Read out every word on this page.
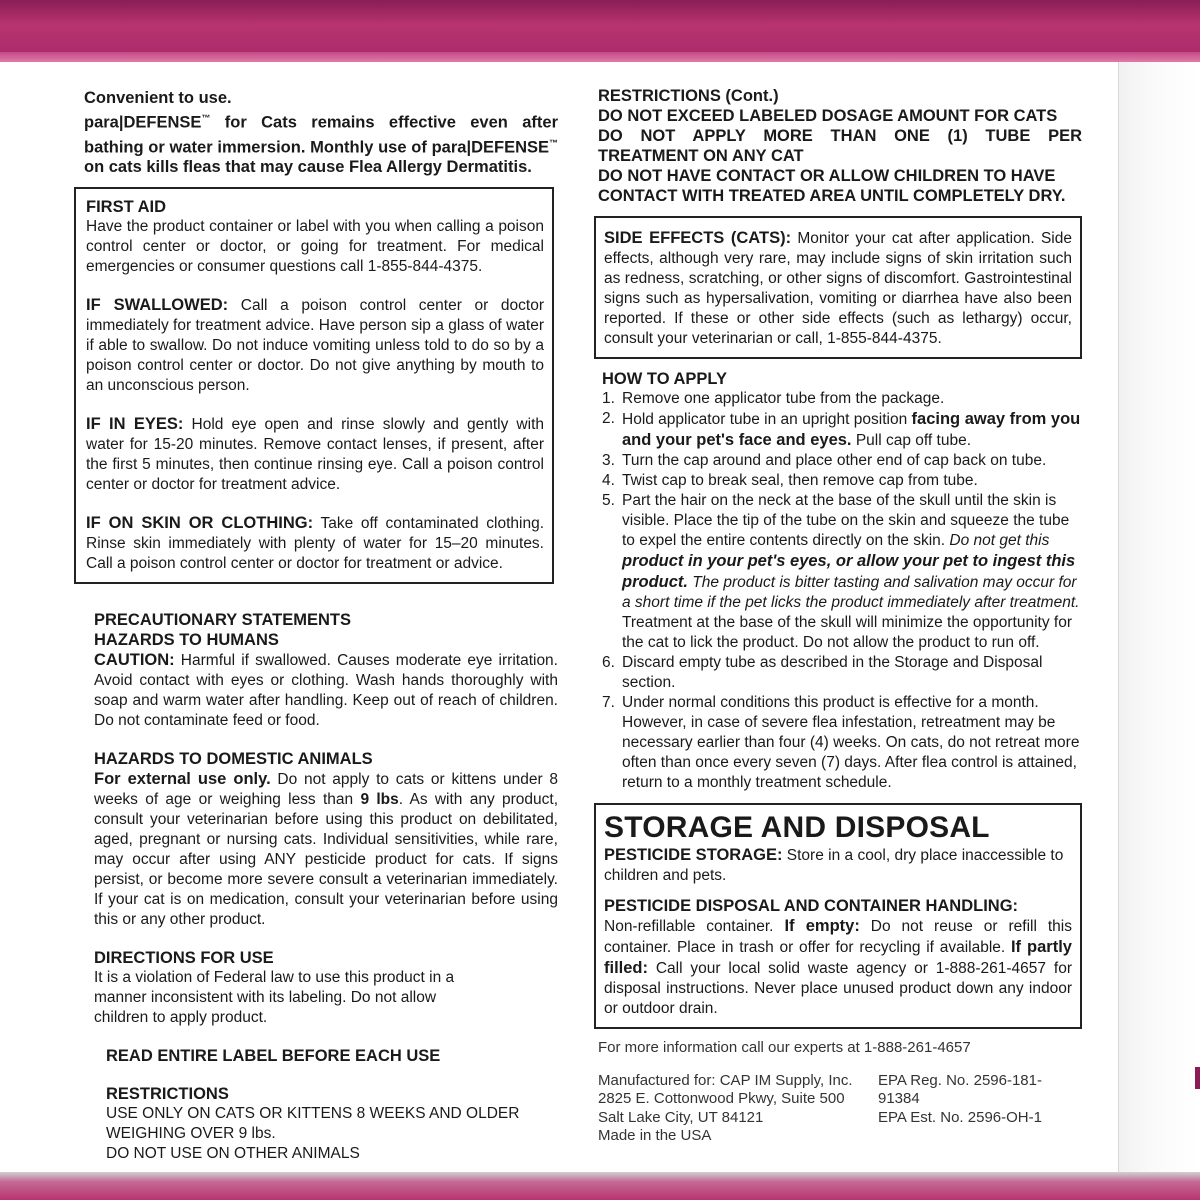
Convenient to use.

para|DEFENSE™ for Cats remains effective even after bathing or water immersion. Monthly use of para|DEFENSE™ on cats kills fleas that may cause Flea Allergy Dermatitis.

FIRST AID

Have the product container or label with you when calling a poison control center or doctor, or going for treatment. For medical emergencies or consumer questions call 1-855-844-4375.

IF SWALLOWED: Call a poison control center or doctor immediately for treatment advice. Have person sip a glass of water if able to swallow. Do not induce vomiting unless told to do so by a poison control center or doctor. Do not give anything by mouth to an unconscious person.

IF IN EYES: Hold eye open and rinse slowly and gently with water for 15-20 minutes. Remove contact lenses, if present, after the first 5 minutes, then continue rinsing eye. Call a poison control center or doctor for treatment advice.

IF ON SKIN OR CLOTHING: Take off contaminated clothing. Rinse skin immediately with plenty of water for 15–20 minutes. Call a poison control center or doctor for treatment or advice.

PRECAUTIONARY STATEMENTS

HAZARDS TO HUMANS

CAUTION: Harmful if swallowed. Causes moderate eye irritation. Avoid contact with eyes or clothing. Wash hands thoroughly with soap and warm water after handling. Keep out of reach of children. Do not contaminate feed or food.

HAZARDS TO DOMESTIC ANIMALS

For external use only. Do not apply to cats or kittens under 8 weeks of age or weighing less than 9 lbs. As with any product, consult your veterinarian before using this product on debilitated, aged, pregnant or nursing cats. Individual sensitivities, while rare, may occur after using ANY pesticide product for cats. If signs persist, or become more severe consult a veterinarian immediately. If your cat is on medication, consult your veterinarian before using this or any other product.

DIRECTIONS FOR USE

It is a violation of Federal law to use this product in a manner inconsistent with its labeling. Do not allow children to apply product.

READ ENTIRE LABEL BEFORE EACH USE

RESTRICTIONS

USE ONLY ON CATS OR KITTENS 8 WEEKS AND OLDER WEIGHING OVER 9 lbs.

DO NOT USE ON OTHER ANIMALS

RESTRICTIONS (Cont.)

DO NOT EXCEED LABELED DOSAGE AMOUNT FOR CATS

DO NOT APPLY MORE THAN ONE (1) TUBE PER TREATMENT ON ANY CAT

DO NOT HAVE CONTACT OR ALLOW CHILDREN TO HAVE CONTACT WITH TREATED AREA UNTIL COMPLETELY DRY.

SIDE EFFECTS (CATS): Monitor your cat after application. Side effects, although very rare, may include signs of skin irritation such as redness, scratching, or other signs of discomfort. Gastrointestinal signs such as hypersalivation, vomiting or diarrhea have also been reported. If these or other side effects (such as lethargy) occur, consult your veterinarian or call, 1-855-844-4375.

HOW TO APPLY

1. Remove one applicator tube from the package.
2. Hold applicator tube in an upright position facing away from you and your pet's face and eyes. Pull cap off tube.
3. Turn the cap around and place other end of cap back on tube.
4. Twist cap to break seal, then remove cap from tube.
5. Part the hair on the neck at the base of the skull until the skin is visible. Place the tip of the tube on the skin and squeeze the tube to expel the entire contents directly on the skin. Do not get this product in your pet's eyes, or allow your pet to ingest this product. The product is bitter tasting and salivation may occur for a short time if the pet licks the product immediately after treatment. Treatment at the base of the skull will minimize the opportunity for the cat to lick the product. Do not allow the product to run off.
6. Discard empty tube as described in the Storage and Disposal section.
7. Under normal conditions this product is effective for a month. However, in case of severe flea infestation, retreatment may be necessary earlier than four (4) weeks. On cats, do not retreat more often than once every seven (7) days. After flea control is attained, return to a monthly treatment schedule.

STORAGE AND DISPOSAL

PESTICIDE STORAGE: Store in a cool, dry place inaccessible to children and pets.

PESTICIDE DISPOSAL AND CONTAINER HANDLING:

Non-refillable container. If empty: Do not reuse or refill this container. Place in trash or offer for recycling if available. If partly filled: Call your local solid waste agency or 1-888-261-4657 for disposal instructions. Never place unused product down any indoor or outdoor drain.

For more information call our experts at 1-888-261-4657

Manufactured for: CAP IM Supply, Inc.

2825 E. Cottonwood Pkwy, Suite 500

Salt Lake City, UT 84121

Made in the USA

EPA Reg. No. 2596-181-91384

EPA Est. No. 2596-OH-1
